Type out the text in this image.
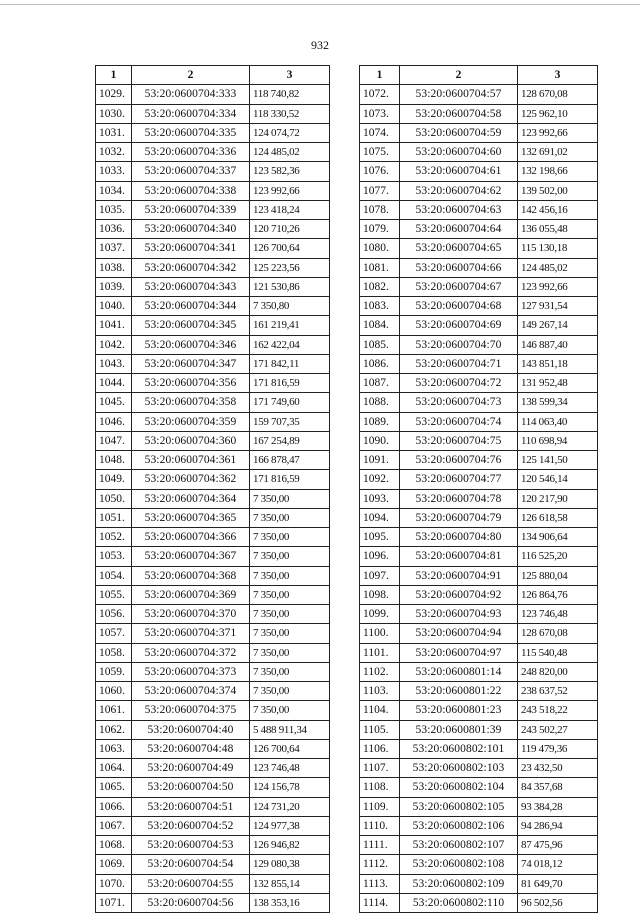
932
1	2	3
1029.	53:20:0600704:333	118 740,82
1030.	53:20:0600704:334	118 330,52
1031.	53:20:0600704:335	124 074,72
1032.	53:20:0600704:336	124 485,02
1033.	53:20:0600704:337	123 582,36
1034.	53:20:0600704:338	123 992,66
1035.	53:20:0600704:339	123 418,24
1036.	53:20:0600704:340	120 710,26
1037.	53:20:0600704:341	126 700,64
1038.	53:20:0600704:342	125 223,56
1039.	53:20:0600704:343	121 530,86
1040.	53:20:0600704:344	7 350,80
1041.	53:20:0600704:345	161 219,41
1042.	53:20:0600704:346	162 422,04
1043.	53:20:0600704:347	171 842,11
1044.	53:20:0600704:356	171 816,59
1045.	53:20:0600704:358	171 749,60
1046.	53:20:0600704:359	159 707,35
1047.	53:20:0600704:360	167 254,89
1048.	53:20:0600704:361	166 878,47
1049.	53:20:0600704:362	171 816,59
1050.	53:20:0600704:364	7 350,00
1051.	53:20:0600704:365	7 350,00
1052.	53:20:0600704:366	7 350,00
1053.	53:20:0600704:367	7 350,00
1054.	53:20:0600704:368	7 350,00
1055.	53:20:0600704:369	7 350,00
1056.	53:20:0600704:370	7 350,00
1057.	53:20:0600704:371	7 350,00
1058.	53:20:0600704:372	7 350,00
1059.	53:20:0600704:373	7 350,00
1060.	53:20:0600704:374	7 350,00
1061.	53:20:0600704:375	7 350,00
1062.	53:20:0600704:40	5 488 911,34
1063.	53:20:0600704:48	126 700,64
1064.	53:20:0600704:49	123 746,48
1065.	53:20:0600704:50	124 156,78
1066.	53:20:0600704:51	124 731,20
1067.	53:20:0600704:52	124 977,38
1068.	53:20:0600704:53	126 946,82
1069.	53:20:0600704:54	129 080,38
1070.	53:20:0600704:55	132 855,14
1071.	53:20:0600704:56	138 353,16
1	2	3
1072.	53:20:0600704:57	128 670,08
1073.	53:20:0600704:58	125 962,10
1074.	53:20:0600704:59	123 992,66
1075.	53:20:0600704:60	132 691,02
1076.	53:20:0600704:61	132 198,66
1077.	53:20:0600704:62	139 502,00
1078.	53:20:0600704:63	142 456,16
1079.	53:20:0600704:64	136 055,48
1080.	53:20:0600704:65	115 130,18
1081.	53:20:0600704:66	124 485,02
1082.	53:20:0600704:67	123 992,66
1083.	53:20:0600704:68	127 931,54
1084.	53:20:0600704:69	149 267,14
1085.	53:20:0600704:70	146 887,40
1086.	53:20:0600704:71	143 851,18
1087.	53:20:0600704:72	131 952,48
1088.	53:20:0600704:73	138 599,34
1089.	53:20:0600704:74	114 063,40
1090.	53:20:0600704:75	110 698,94
1091.	53:20:0600704:76	125 141,50
1092.	53:20:0600704:77	120 546,14
1093.	53:20:0600704:78	120 217,90
1094.	53:20:0600704:79	126 618,58
1095.	53:20:0600704:80	134 906,64
1096.	53:20:0600704:81	116 525,20
1097.	53:20:0600704:91	125 880,04
1098.	53:20:0600704:92	126 864,76
1099.	53:20:0600704:93	123 746,48
1100.	53:20:0600704:94	128 670,08
1101.	53:20:0600704:97	115 540,48
1102.	53:20:0600801:14	248 820,00
1103.	53:20:0600801:22	238 637,52
1104.	53:20:0600801:23	243 518,22
1105.	53:20:0600801:39	243 502,27
1106.	53:20:0600802:101	119 479,36
1107.	53:20:0600802:103	23 432,50
1108.	53:20:0600802:104	84 357,68
1109.	53:20:0600802:105	93 384,28
1110.	53:20:0600802:106	94 286,94
1111.	53:20:0600802:107	87 475,96
1112.	53:20:0600802:108	74 018,12
1113.	53:20:0600802:109	81 649,70
1114.	53:20:0600802:110	96 502,56
